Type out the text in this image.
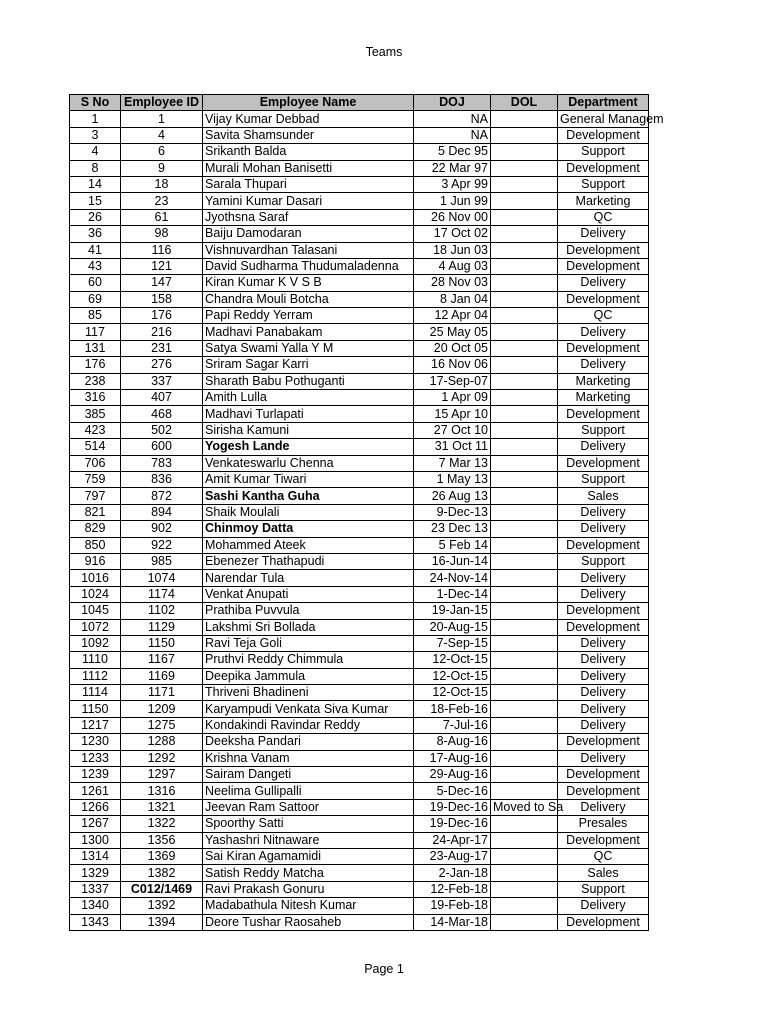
Teams
S No	Employee ID	Employee Name	DOJ	DOL	Department
1	1	Vijay Kumar Debbad	NA		General Managem
3	4	Savita Shamsunder	NA		Development
4	6	Srikanth Balda	5 Dec 95		Support
8	9	Murali Mohan Banisetti	22 Mar 97		Development
14	18	Sarala Thupari	3 Apr 99		Support
15	23	Yamini Kumar Dasari	1 Jun 99		Marketing
26	61	Jyothsna Saraf	26 Nov 00		QC
36	98	Baiju Damodaran	17 Oct 02		Delivery
41	116	Vishnuvardhan Talasani	18 Jun 03		Development
43	121	David Sudharma Thudumaladenna	4 Aug 03		Development
60	147	Kiran Kumar K V S B	28 Nov 03		Delivery
69	158	Chandra Mouli Botcha	8 Jan 04		Development
85	176	Papi Reddy Yerram	12 Apr 04		QC
117	216	Madhavi Panabakam	25 May 05		Delivery
131	231	Satya Swami Yalla Y M	20 Oct 05		Development
176	276	Sriram Sagar Karri	16 Nov 06		Delivery
238	337	Sharath Babu Pothuganti	17-Sep-07		Marketing
316	407	Amith Lulla	1 Apr 09		Marketing
385	468	Madhavi Turlapati	15 Apr 10		Development
423	502	Sirisha Kamuni	27 Oct 10		Support
514	600	Yogesh Lande	31 Oct 11		Delivery
706	783	Venkateswarlu Chenna	7 Mar 13		Development
759	836	Amit Kumar Tiwari	1 May 13		Support
797	872	Sashi Kantha Guha	26 Aug 13		Sales
821	894	Shaik Moulali	9-Dec-13		Delivery
829	902	Chinmoy Datta	23 Dec 13		Delivery
850	922	Mohammed Ateek	5 Feb 14		Development
916	985	Ebenezer Thathapudi	16-Jun-14		Support
1016	1074	Narendar Tula	24-Nov-14		Delivery
1024	1174	Venkat Anupati	1-Dec-14		Delivery
1045	1102	Prathiba Puvvula	19-Jan-15		Development
1072	1129	Lakshmi Sri Bollada	20-Aug-15		Development
1092	1150	Ravi Teja Goli	7-Sep-15		Delivery
1110	1167	Pruthvi Reddy Chimmula	12-Oct-15		Delivery
1112	1169	Deepika Jammula	12-Oct-15		Delivery
1114	1171	Thriveni Bhadineni	12-Oct-15		Delivery
1150	1209	Karyampudi Venkata Siva Kumar	18-Feb-16		Delivery
1217	1275	Kondakindi Ravindar Reddy	7-Jul-16		Delivery
1230	1288	Deeksha Pandari	8-Aug-16		Development
1233	1292	Krishna Vanam	17-Aug-16		Delivery
1239	1297	Sairam Dangeti	29-Aug-16		Development
1261	1316	Neelima Gullipalli	5-Dec-16		Development
1266	1321	Jeevan Ram Sattoor	19-Dec-16	Moved to Sa	Delivery
1267	1322	Spoorthy Satti	19-Dec-16		Presales
1300	1356	Yashashri Nitnaware	24-Apr-17		Development
1314	1369	Sai Kiran Agamamidi	23-Aug-17		QC
1329	1382	Satish Reddy Matcha	2-Jan-18		Sales
1337	C012/1469	Ravi Prakash Gonuru	12-Feb-18		Support
1340	1392	Madabathula Nitesh Kumar	19-Feb-18		Delivery
1343	1394	Deore Tushar Raosaheb	14-Mar-18		Development
Page 1
